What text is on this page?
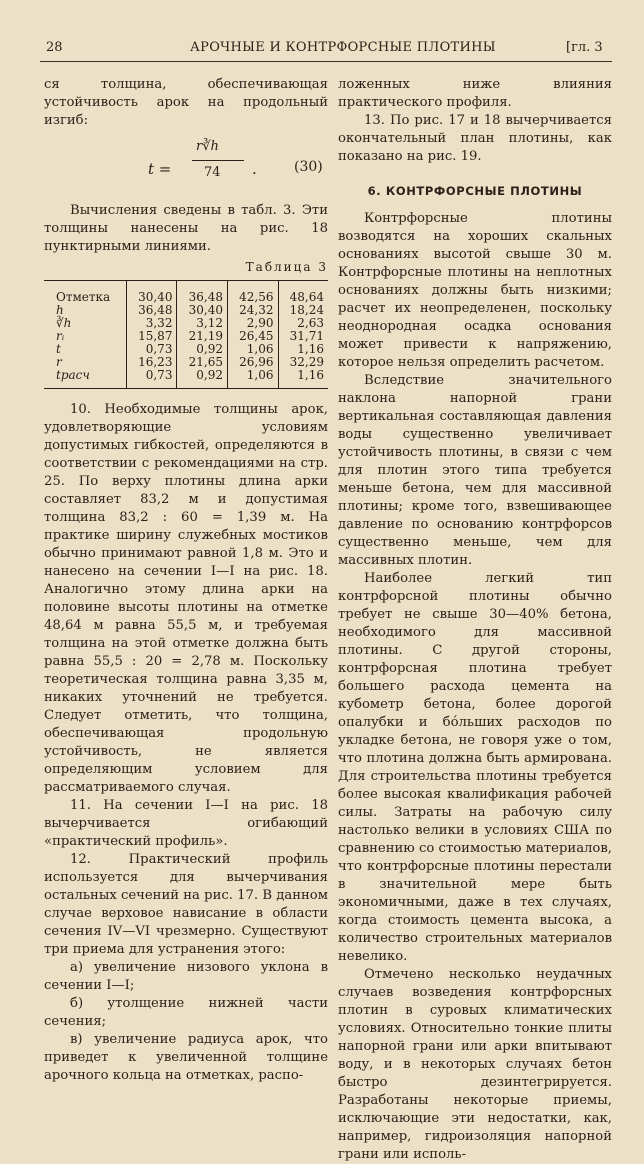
28	АРОЧНЫЕ И КОНТРФОРСНЫЕ ПЛОТИНЫ	[гл. 3

ся толщина, обеспечивающая устойчивость арок на продольный изгиб:

t =
r∛h
74 .	(30)

Вычисления сведены в табл. 3. Эти толщины нанесены на рис. 18 пунктирными линиями.

Таблица 3
Отметка	30,40	36,48	42,56	48,64
h	36,48	30,40	24,32	18,24
∛h	3,32	3,12	2,90	2,63
rᵢ	15,87	21,19	26,45	31,71
t	0,73	0,92	1,06	1,16
r	16,23	21,65	26,96	32,29
tрасч	0,73	0,92	1,06	1,16

10. Необходимые толщины арок, удовлетворяющие условиям допустимых гибкостей, определяются в соответствии с рекомендациями на стр. 25. По верху плотины длина арки составляет 83,2 м и допустимая толщина 83,2 : 60 = 1,39 м. На практике ширину служебных мостиков обычно принимают равной 1,8 м. Это и нанесено на сечении I—I на рис. 18. Аналогично этому длина арки на половине высоты плотины на отметке 48,64 м равна 55,5 м, и требуемая толщина на этой отметке должна быть равна 55,5 : 20 = 2,78 м. Поскольку теоретическая толщина равна 3,35 м, никаких уточнений не требуется. Следует отметить, что толщина, обеспечивающая продольную устойчивость, не является определяющим условием для рассматриваемого случая.

11. На сечении I—I на рис. 18 вычерчивается огибающий «практический профиль».

12. Практический профиль используется для вычерчивания остальных сечений на рис. 17. В данном случае верховое нависание в области сечения IV—VI чрезмерно. Существуют три приема для устранения этого:

а) увеличение низового уклона в сечении I—I;

б) утолщение нижней части сечения;

в) увеличение радиуса арок, что приведет к увеличенной толщине арочного кольца на отметках, распо-

ложенных ниже влияния практического профиля.

13. По рис. 17 и 18 вычерчивается окончательный план плотины, как показано на рис. 19.

6. КОНТРФОРСНЫЕ ПЛОТИНЫ

Контрфорсные плотины возводятся на хороших скальных основаниях высотой свыше 30 м. Контрфорсные плотины на неплотных основаниях должны быть низкими; расчет их неопределенен, поскольку неоднородная осадка основания может привести к напряжению, которое нельзя определить расчетом.

Вследствие значительного наклона напорной грани вертикальная составляющая давления воды существенно увеличивает устойчивость плотины, в связи с чем для плотин этого типа требуется меньше бетона, чем для массивной плотины; кроме того, взвешивающее давление по основанию контрфорсов существенно меньше, чем для массивных плотин.

Наиболее легкий тип контрфорсной плотины обычно требует не свыше 30—40% бетона, необходимого для массивной плотины. С другой стороны, контрфорсная плотина требует большего расхода цемента на кубометр бетона, более дорогой опалубки и бóльших расходов по укладке бетона, не говоря уже о том, что плотина должна быть армирована. Для строительства плотины требуется более высокая квалификация рабочей силы. Затраты на рабочую силу настолько велики в условиях США по сравнению со стоимостью материалов, что контрфорсные плотины перестали в значительной мере быть экономичными, даже в тех случаях, когда стоимость цемента высока, а количество строительных материалов невелико.

Отмечено несколько неудачных случаев возведения контрфорсных плотин в суровых климатических условиях. Относительно тонкие плиты напорной грани или арки впитывают воду, и в некоторых случаях бетон быстро дезинтегрируется. Разработаны некоторые приемы, исключающие эти недостатки, как, например, гидроизоляция напорной грани или исполь-
